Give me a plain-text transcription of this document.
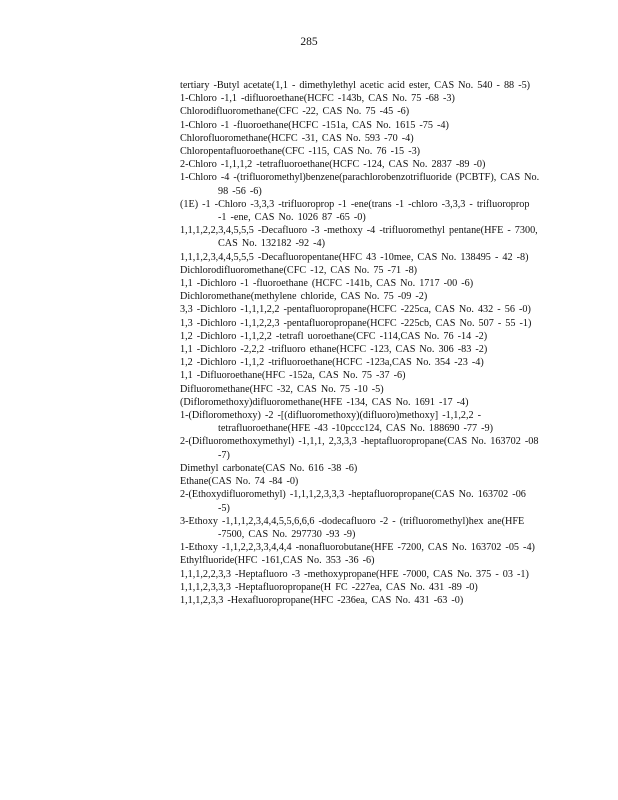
285
tertiary -Butyl acetate(1,1 - dimethylethyl acetic acid ester, CAS No. 540 - 88 -5)
1-Chloro -1,1 -difluoroethane(HCFC -143b, CAS No. 75 -68 -3)
Chlorodifluoromethane(CFC -22, CAS No. 75 -45 -6)
1-Chloro -1 -fluoroethane(HCFC -151a, CAS No. 1615 -75 -4)
Chlorofluoromethane(HCFC -31, CAS No. 593 -70 -4)
Chloropentafluoroethane(CFC -115, CAS No. 76 -15 -3)
2-Chloro -1,1,1,2 -tetrafluoroethane(HCFC -124, CAS No. 2837 -89 -0)
1-Chloro -4 -(trifluoromethyl)benzene(parachlorobenzotrifluoride (PCBTF), CAS No. 98 -56 -6)
(1E) -1 -Chloro -3,3,3 -trifluoroprop -1 -ene(trans -1 -chloro -3,3,3 - trifluoroprop -1 -ene, CAS No. 1026 87 -65 -0)
1,1,1,2,2,3,4,5,5,5 -Decafluoro -3 -methoxy -4 -trifluoromethyl pentane(HFE - 7300, CAS No. 132182 -92 -4)
1,1,1,2,3,4,4,5,5,5 -Decafluoropentane(HFC 43 -10mee, CAS No. 138495 - 42 -8)
Dichlorodifluoromethane(CFC -12, CAS No. 75 -71 -8)
1,1 -Dichloro -1 -fluoroethane (HCFC -141b, CAS No. 1717 -00 -6)
Dichloromethane(methylene chloride, CAS No. 75 -09 -2)
3,3 -Dichloro -1,1,1,2,2 -pentafluoropropane(HCFC -225ca, CAS No. 432 - 56 -0)
1,3 -Dichloro -1,1,2,2,3 -pentafluoropropane(HCFC -225cb, CAS No. 507 - 55 -1)
1,2 -Dichloro -1,1,2,2 -tetrafl uoroethane(CFC -114,CAS No. 76 -14 -2)
1,1 -Dichloro -2,2,2 -trifluoro ethane(HCFC -123, CAS No. 306 -83 -2)
1,2 -Dichloro -1,1,2 -trifluoroethane(HCFC -123a,CAS No. 354 -23 -4)
1,1 -Difluoroethane(HFC -152a, CAS No. 75 -37 -6)
Difluoromethane(HFC -32, CAS No. 75 -10 -5)
(Difloromethoxy)difluoromethane(HFE -134, CAS No. 1691 -17 -4)
1-(Difloromethoxy) -2 -[(difluoromethoxy)(difluoro)methoxy] -1,1,2,2 - tetrafluoroethane(HFE -43 -10pccc124, CAS No. 188690 -77 -9)
2-(Difluoromethoxymethyl) -1,1,1, 2,3,3,3 -heptafluoropropane(CAS No. 163702 -08 -7)
Dimethyl carbonate(CAS No. 616 -38 -6)
Ethane(CAS No. 74 -84 -0)
2-(Ethoxydifluoromethyl) -1,1,1,2,3,3,3 -heptafluoropropane(CAS No. 163702 -06 -5)
3-Ethoxy -1,1,1,2,3,4,4,5,5,6,6,6 -dodecafluoro -2 - (trifluoromethyl)hex ane(HFE -7500, CAS No. 297730 -93 -9)
1-Ethoxy -1,1,2,2,3,3,4,4,4 -nonafluorobutane(HFE -7200, CAS No. 163702 -05 -4)
Ethylfluoride(HFC -161,CAS No. 353 -36 -6)
1,1,1,2,2,3,3 -Heptafluoro -3 -methoxypropane(HFE -7000, CAS No. 375 - 03 -1)
1,1,1,2,3,3,3 -Heptafluoropropane(H FC -227ea, CAS No. 431 -89 -0)
1,1,1,2,3,3 -Hexafluoropropane(HFC -236ea, CAS No. 431 -63 -0)
